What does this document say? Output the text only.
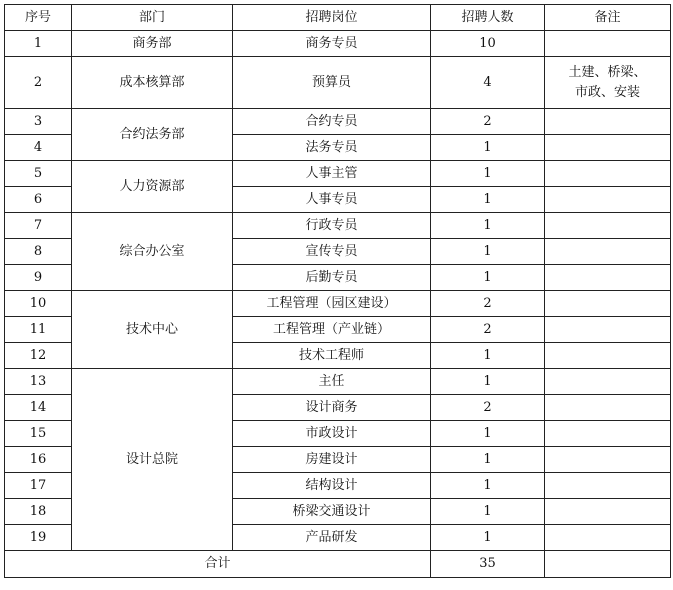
序号	部门	招聘岗位	招聘人数	备注
1	商务部	商务专员	10	
2	成本核算部	预算员	4	土建、桥梁、
市政、安装
3	合约法务部	合约专员	2	
4		法务专员	1	
5	人力资源部	人事主管	1	
6		人事专员	1	
7	综合办公室	行政专员	1	
8		宣传专员	1	
9		后勤专员	1	
10	技术中心	工程管理（园区建设）	2	
11		工程管理（产业链）	2	
12		技术工程师	1	
13	设计总院	主任	1	
14		设计商务	2	
15		市政设计	1	
16		房建设计	1	
17		结构设计	1	
18		桥梁交通设计	1	
19		产品研发	1	
合计			35	
